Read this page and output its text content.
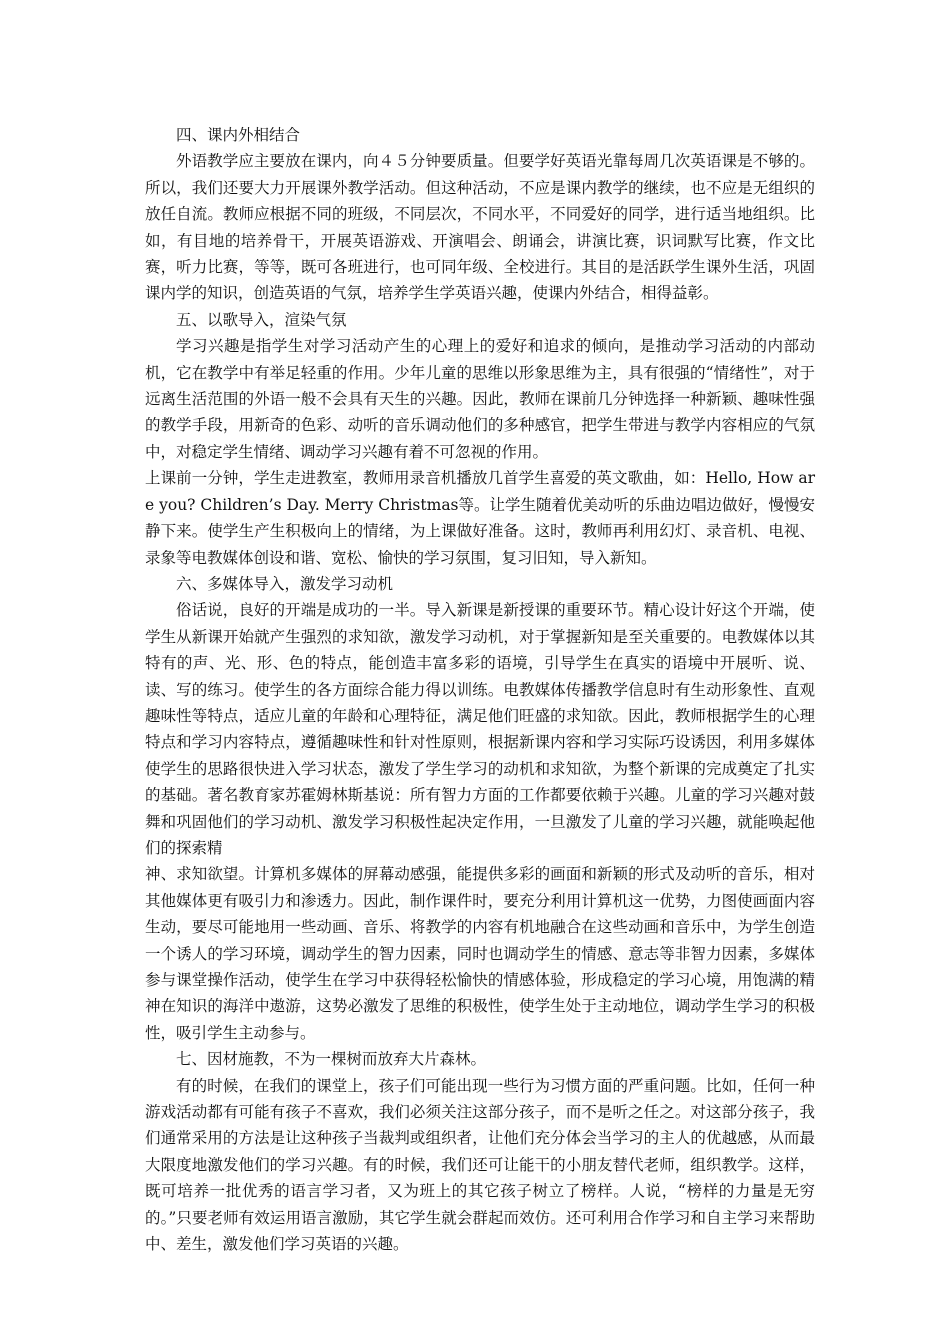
四、课内外相结合

外语教学应主要放在课内，向４５分钟要质量。但要学好英语光靠每周几次英语课是不够的。所以，我们还要大力开展课外教学活动。但这种活动，不应是课内教学的继续，也不应是无组织的放任自流。教师应根据不同的班级，不同层次，不同水平，不同爱好的同学，进行适当地组织。比如，有目地的培养骨干，开展英语游戏、开演唱会、朗诵会，讲演比赛，识词默写比赛，作文比赛，听力比赛，等等，既可各班进行，也可同年级、全校进行。其目的是活跃学生课外生活，巩固课内学的知识，创造英语的气氛，培养学生学英语兴趣，使课内外结合，相得益彰。

五、以歌导入，渲染气氛

学习兴趣是指学生对学习活动产生的心理上的爱好和追求的倾向，是推动学习活动的内部动机，它在教学中有举足轻重的作用。少年儿童的思维以形象思维为主，具有很强的“情绪性”，对于远离生活范围的外语一般不会具有天生的兴趣。因此，教师在课前几分钟选择一种新颖、趣味性强的教学手段，用新奇的色彩、动听的音乐调动他们的多种感官，把学生带进与教学内容相应的气氛中，对稳定学生情绪、调动学习兴趣有着不可忽视的作用。

上课前一分钟，学生走进教室，教师用录音机播放几首学生喜爱的英文歌曲，如：Hello, How are you? Children’s Day. Merry Christmas等。让学生随着优美动听的乐曲边唱边做好，慢慢安静下来。使学生产生积极向上的情绪，为上课做好准备。这时，教师再利用幻灯、录音机、电视、录象等电教媒体创设和谐、宽松、愉快的学习氛围，复习旧知，导入新知。

六、多媒体导入，激发学习动机

俗话说，良好的开端是成功的一半。导入新课是新授课的重要环节。精心设计好这个开端，使学生从新课开始就产生强烈的求知欲，激发学习动机，对于掌握新知是至关重要的。电教媒体以其特有的声、光、形、色的特点，能创造丰富多彩的语境，引导学生在真实的语境中开展听、说、读、写的练习。使学生的各方面综合能力得以训练。电教媒体传播教学信息时有生动形象性、直观趣味性等特点，适应儿童的年龄和心理特征，满足他们旺盛的求知欲。因此，教师根据学生的心理特点和学习内容特点，遵循趣味性和针对性原则，根据新课内容和学习实际巧设诱因，利用多媒体使学生的思路很快进入学习状态，激发了学生学习的动机和求知欲，为整个新课的完成奠定了扎实的基础。著名教育家苏霍姆林斯基说：所有智力方面的工作都要依赖于兴趣。儿童的学习兴趣对鼓舞和巩固他们的学习动机、激发学习积极性起决定作用，一旦激发了儿童的学习兴趣，就能唤起他们的探索精

神、求知欲望。计算机多媒体的屏幕动感强，能提供多彩的画面和新颖的形式及动听的音乐，相对其他媒体更有吸引力和渗透力。因此，制作课件时，要充分利用计算机这一优势，力图使画面内容生动，要尽可能地用一些动画、音乐、将教学的内容有机地融合在这些动画和音乐中，为学生创造一个诱人的学习环境，调动学生的智力因素，同时也调动学生的情感、意志等非智力因素，多媒体参与课堂操作活动，使学生在学习中获得轻松愉快的情感体验，形成稳定的学习心境，用饱满的精神在知识的海洋中遨游，这势必激发了思维的积极性，使学生处于主动地位，调动学生学习的积极性，吸引学生主动参与。

七、因材施教，不为一棵树而放弃大片森林。

有的时候，在我们的课堂上，孩子们可能出现一些行为习惯方面的严重问题。比如，任何一种游戏活动都有可能有孩子不喜欢，我们必须关注这部分孩子，而不是听之任之。对这部分孩子，我们通常采用的方法是让这种孩子当裁判或组织者，让他们充分体会当学习的主人的优越感，从而最大限度地激发他们的学习兴趣。有的时候，我们还可让能干的小朋友替代老师，组织教学。这样，既可培养一批优秀的语言学习者，又为班上的其它孩子树立了榜样。人说，“榜样的力量是无穷的。”只要老师有效运用语言激励，其它学生就会群起而效仿。还可利用合作学习和自主学习来帮助中、差生，激发他们学习英语的兴趣。
